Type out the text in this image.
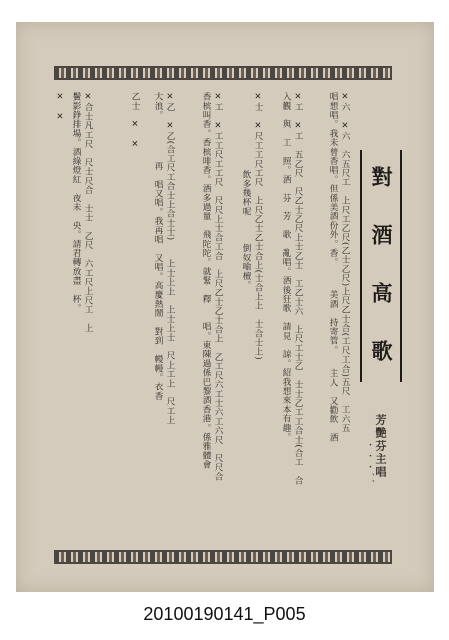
對
酒
高
歌
芳艷芬主唱
・・・、、
✕六　✕六　六五尺工　上尺工乙尺(乙士乙尺)上尺乙士合(工尺工合)五尺　工六五
唱想唱。我未曾香唱。但係美酒份外。香。　　　美酒　持寄管。　　主人　又勸飲　酒
✕工　✕工　五乙尺　尺乙士乙尺上士乙士　工乙士六　上尺工士乙　士士乙工工合士(合工　合
入觀　與　工　照。酒　芬　芳　歌　亂唱。酒後狂歌　請見　諒。紹我想來本有趣。
✕士　✕尺工工尺工尺　上尺乙士乙士合上(士合上上　士合士上)
飲多幾杯呢　　　倒奴喻檀。
✕工　✕工工尺工工尺　尺尺上士合工合　上尺乙士乙士合上　乙工尺六工士六工六尺　尺尺合
香槟叫香。香槟啡香。酒多過量　飛陀陀。就緊　釋　　唱。東陳過係巴黎酒香港。係雅體會
✕乙　✕乙(合工尺工合士上合士士)　　上士上上　上士上士　尺上工上　尺工上
大浪。　　　　　再　唱又唱。我再唱　又唱。高慶熱鬧　對到　幔幔。衣香
乙士　✕　✕
✕合士凡工尺　尺士尺合　士士　乙尺　六工尺上尺工　上
鬢影錚排場。酒綠燈紅　夜未　央。請君轉放盡　杯。
✕　✕
20100190141_P005
